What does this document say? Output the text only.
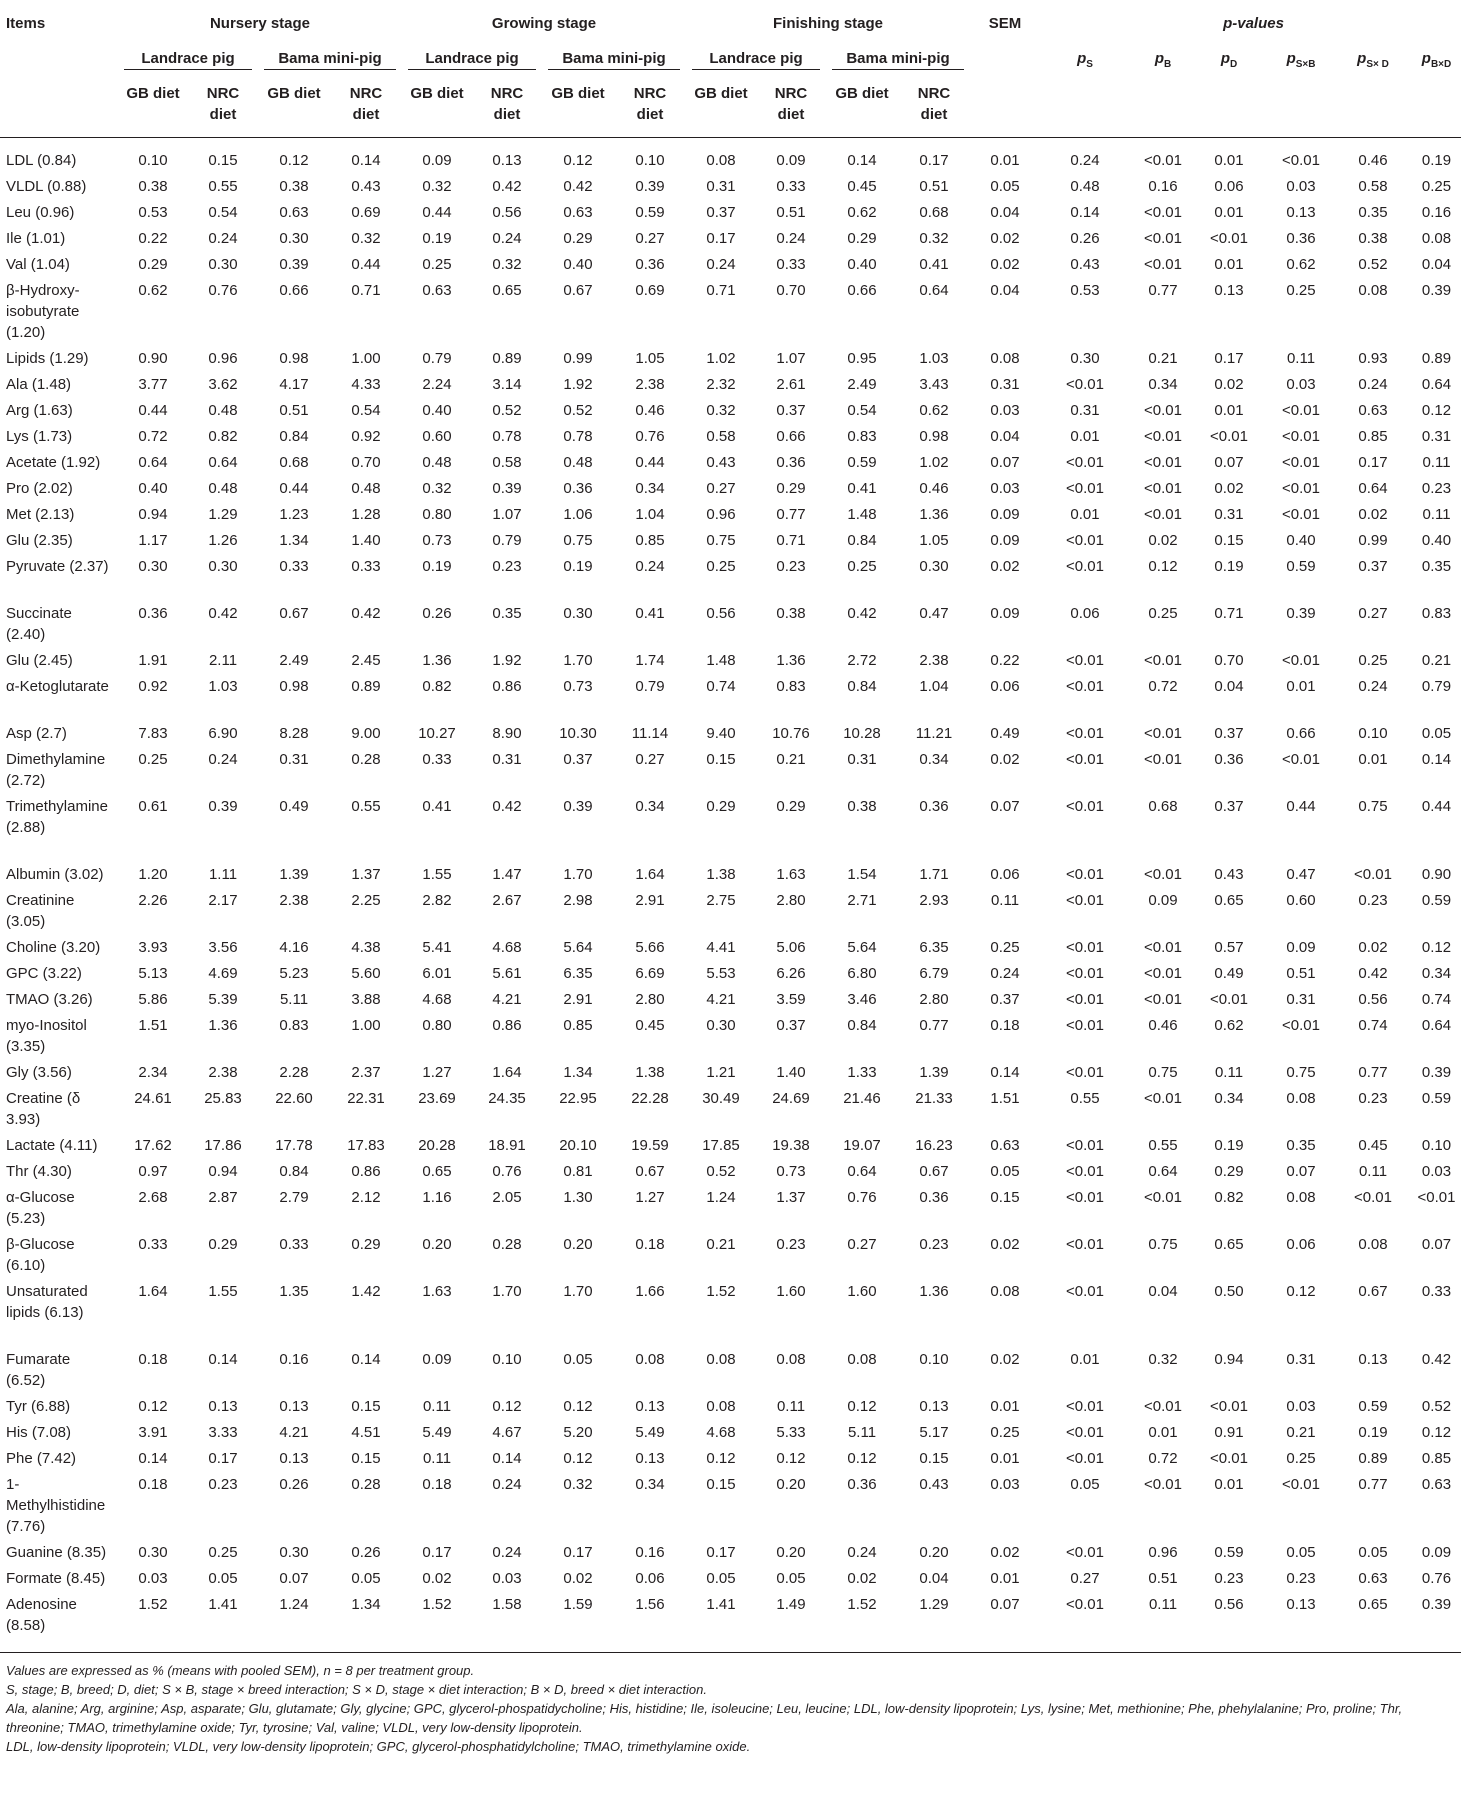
Items	Nursery stage				Growing stage				Finishing stage				SEM	p-values					

	Landrace pig		Bama mini-pig		Landrace pig		Bama mini-pig		Landrace pig		Bama mini-pig			$p_S$	$p_B$	$p_D$	$p_{S\times B}$	$p_{S\times D}$	$p_{B\times D}$
	GB diet	NRC diet	GB diet	NRC diet	GB diet	NRC diet	GB diet	NRC diet	GB diet	NRC diet	GB diet	NRC diet							
LDL (0.84)	0.10	0.15	0.12	0.14	0.09	0.13	0.12	0.10	0.08	0.09	0.14	0.17	0.01	0.24	<0.01	0.01	<0.01	0.46	0.19
VLDL (0.88)	0.38	0.55	0.38	0.43	0.32	0.42	0.42	0.39	0.31	0.33	0.45	0.51	0.05	0.48	0.16	0.06	0.03	0.58	0.25
Leu (0.96)	0.53	0.54	0.63	0.69	0.44	0.56	0.63	0.59	0.37	0.51	0.62	0.68	0.04	0.14	<0.01	0.01	0.13	0.35	0.16
Ile (1.01)	0.22	0.24	0.30	0.32	0.19	0.24	0.29	0.27	0.17	0.24	0.29	0.32	0.02	0.26	<0.01	<0.01	0.36	0.38	0.08
Val (1.04)	0.29	0.30	0.39	0.44	0.25	0.32	0.40	0.36	0.24	0.33	0.40	0.41	0.02	0.43	<0.01	0.01	0.62	0.52	0.04
β-Hydroxy-isobutyrate (1.20)	0.62	0.76	0.66	0.71	0.63	0.65	0.67	0.69	0.71	0.70	0.66	0.64	0.04	0.53	0.77	0.13	0.25	0.08	0.39
Lipids (1.29)	0.90	0.96	0.98	1.00	0.79	0.89	0.99	1.05	1.02	1.07	0.95	1.03	0.08	0.30	0.21	0.17	0.11	0.93	0.89
Ala (1.48)	3.77	3.62	4.17	4.33	2.24	3.14	1.92	2.38	2.32	2.61	2.49	3.43	0.31	<0.01	0.34	0.02	0.03	0.24	0.64
Arg (1.63)	0.44	0.48	0.51	0.54	0.40	0.52	0.52	0.46	0.32	0.37	0.54	0.62	0.03	0.31	<0.01	0.01	<0.01	0.63	0.12
Lys (1.73)	0.72	0.82	0.84	0.92	0.60	0.78	0.78	0.76	0.58	0.66	0.83	0.98	0.04	0.01	<0.01	<0.01	<0.01	0.85	0.31
Acetate (1.92)	0.64	0.64	0.68	0.70	0.48	0.58	0.48	0.44	0.43	0.36	0.59	1.02	0.07	<0.01	<0.01	0.07	<0.01	0.17	0.11
Pro (2.02)	0.40	0.48	0.44	0.48	0.32	0.39	0.36	0.34	0.27	0.29	0.41	0.46	0.03	<0.01	<0.01	0.02	<0.01	0.64	0.23
Met (2.13)	0.94	1.29	1.23	1.28	0.80	1.07	1.06	1.04	0.96	0.77	1.48	1.36	0.09	0.01	<0.01	0.31	<0.01	0.02	0.11
Glu (2.35)	1.17	1.26	1.34	1.40	0.73	0.79	0.75	0.85	0.75	0.71	0.84	1.05	0.09	<0.01	0.02	0.15	0.40	0.99	0.40
Pyruvate (2.37)	0.30	0.30	0.33	0.33	0.19	0.23	0.19	0.24	0.25	0.23	0.25	0.30	0.02	<0.01	0.12	0.19	0.59	0.37	0.35
Succinate (2.40)	0.36	0.42	0.67	0.42	0.26	0.35	0.30	0.41	0.56	0.38	0.42	0.47	0.09	0.06	0.25	0.71	0.39	0.27	0.83
Glu (2.45)	1.91	2.11	2.49	2.45	1.36	1.92	1.70	1.74	1.48	1.36	2.72	2.38	0.22	<0.01	<0.01	0.70	<0.01	0.25	0.21
α-Ketoglutarate	0.92	1.03	0.98	0.89	0.82	0.86	0.73	0.79	0.74	0.83	0.84	1.04	0.06	<0.01	0.72	0.04	0.01	0.24	0.79
Asp (2.7)	7.83	6.90	8.28	9.00	10.27	8.90	10.30	11.14	9.40	10.76	10.28	11.21	0.49	<0.01	<0.01	0.37	0.66	0.10	0.05
Dimethylamine (2.72)	0.25	0.24	0.31	0.28	0.33	0.31	0.37	0.27	0.15	0.21	0.31	0.34	0.02	<0.01	<0.01	0.36	<0.01	0.01	0.14
Trimethylamine (2.88)	0.61	0.39	0.49	0.55	0.41	0.42	0.39	0.34	0.29	0.29	0.38	0.36	0.07	<0.01	0.68	0.37	0.44	0.75	0.44
Albumin (3.02)	1.20	1.11	1.39	1.37	1.55	1.47	1.70	1.64	1.38	1.63	1.54	1.71	0.06	<0.01	<0.01	0.43	0.47	<0.01	0.90
Creatinine (3.05)	2.26	2.17	2.38	2.25	2.82	2.67	2.98	2.91	2.75	2.80	2.71	2.93	0.11	<0.01	0.09	0.65	0.60	0.23	0.59
Choline (3.20)	3.93	3.56	4.16	4.38	5.41	4.68	5.64	5.66	4.41	5.06	5.64	6.35	0.25	<0.01	<0.01	0.57	0.09	0.02	0.12
GPC (3.22)	5.13	4.69	5.23	5.60	6.01	5.61	6.35	6.69	5.53	6.26	6.80	6.79	0.24	<0.01	<0.01	0.49	0.51	0.42	0.34
TMAO (3.26)	5.86	5.39	5.11	3.88	4.68	4.21	2.91	2.80	4.21	3.59	3.46	2.80	0.37	<0.01	<0.01	<0.01	0.31	0.56	0.74
myo-Inositol (3.35)	1.51	1.36	0.83	1.00	0.80	0.86	0.85	0.45	0.30	0.37	0.84	0.77	0.18	<0.01	0.46	0.62	<0.01	0.74	0.64
Gly (3.56)	2.34	2.38	2.28	2.37	1.27	1.64	1.34	1.38	1.21	1.40	1.33	1.39	0.14	<0.01	0.75	0.11	0.75	0.77	0.39
Creatine (δ 3.93)	24.61	25.83	22.60	22.31	23.69	24.35	22.95	22.28	30.49	24.69	21.46	21.33	1.51	0.55	<0.01	0.34	0.08	0.23	0.59
Lactate (4.11)	17.62	17.86	17.78	17.83	20.28	18.91	20.10	19.59	17.85	19.38	19.07	16.23	0.63	<0.01	0.55	0.19	0.35	0.45	0.10
Thr (4.30)	0.97	0.94	0.84	0.86	0.65	0.76	0.81	0.67	0.52	0.73	0.64	0.67	0.05	<0.01	0.64	0.29	0.07	0.11	0.03
α-Glucose (5.23)	2.68	2.87	2.79	2.12	1.16	2.05	1.30	1.27	1.24	1.37	0.76	0.36	0.15	<0.01	<0.01	0.82	0.08	<0.01	<0.01
β-Glucose (6.10)	0.33	0.29	0.33	0.29	0.20	0.28	0.20	0.18	0.21	0.23	0.27	0.23	0.02	<0.01	0.75	0.65	0.06	0.08	0.07
Unsaturated lipids (6.13)	1.64	1.55	1.35	1.42	1.63	1.70	1.70	1.66	1.52	1.60	1.60	1.36	0.08	<0.01	0.04	0.50	0.12	0.67	0.33
Fumarate (6.52)	0.18	0.14	0.16	0.14	0.09	0.10	0.05	0.08	0.08	0.08	0.08	0.10	0.02	0.01	0.32	0.94	0.31	0.13	0.42
Tyr (6.88)	0.12	0.13	0.13	0.15	0.11	0.12	0.12	0.13	0.08	0.11	0.12	0.13	0.01	<0.01	<0.01	<0.01	0.03	0.59	0.52
His (7.08)	3.91	3.33	4.21	4.51	5.49	4.67	5.20	5.49	4.68	5.33	5.11	5.17	0.25	<0.01	0.01	0.91	0.21	0.19	0.12
Phe (7.42)	0.14	0.17	0.13	0.15	0.11	0.14	0.12	0.13	0.12	0.12	0.12	0.15	0.01	<0.01	0.72	<0.01	0.25	0.89	0.85
1-Methylhistidine (7.76)	0.18	0.23	0.26	0.28	0.18	0.24	0.32	0.34	0.15	0.20	0.36	0.43	0.03	0.05	<0.01	0.01	<0.01	0.77	0.63
Guanine (8.35)	0.30	0.25	0.30	0.26	0.17	0.24	0.17	0.16	0.17	0.20	0.24	0.20	0.02	<0.01	0.96	0.59	0.05	0.05	0.09
Formate (8.45)	0.03	0.05	0.07	0.05	0.02	0.03	0.02	0.06	0.05	0.05	0.02	0.04	0.01	0.27	0.51	0.23	0.23	0.63	0.76
Adenosine (8.58)	1.52	1.41	1.24	1.34	1.52	1.58	1.59	1.56	1.41	1.49	1.52	1.29	0.07	<0.01	0.11	0.56	0.13	0.65	0.39
Values are expressed as % (means with pooled SEM), n = 8 per treatment group.
S, stage; B, breed; D, diet; S × B, stage × breed interaction; S × D, stage × diet interaction; B × D, breed × diet interaction.
Ala, alanine; Arg, arginine; Asp, asparate; Glu, glutamate; Gly, glycine; GPC, glycerol-phospatidycholine; His, histidine; Ile, isoleucine; Leu, leucine; LDL, low-density lipoprotein; Lys, lysine; Met, methionine; Phe, phehylalanine; Pro, proline; Thr, threonine; TMAO, trimethylamine oxide; Tyr, tyrosine; Val, valine; VLDL, very low-density lipoprotein.
LDL, low-density lipoprotein; VLDL, very low-density lipoprotein; GPC, glycerol-phosphatidylcholine; TMAO, trimethylamine oxide.
